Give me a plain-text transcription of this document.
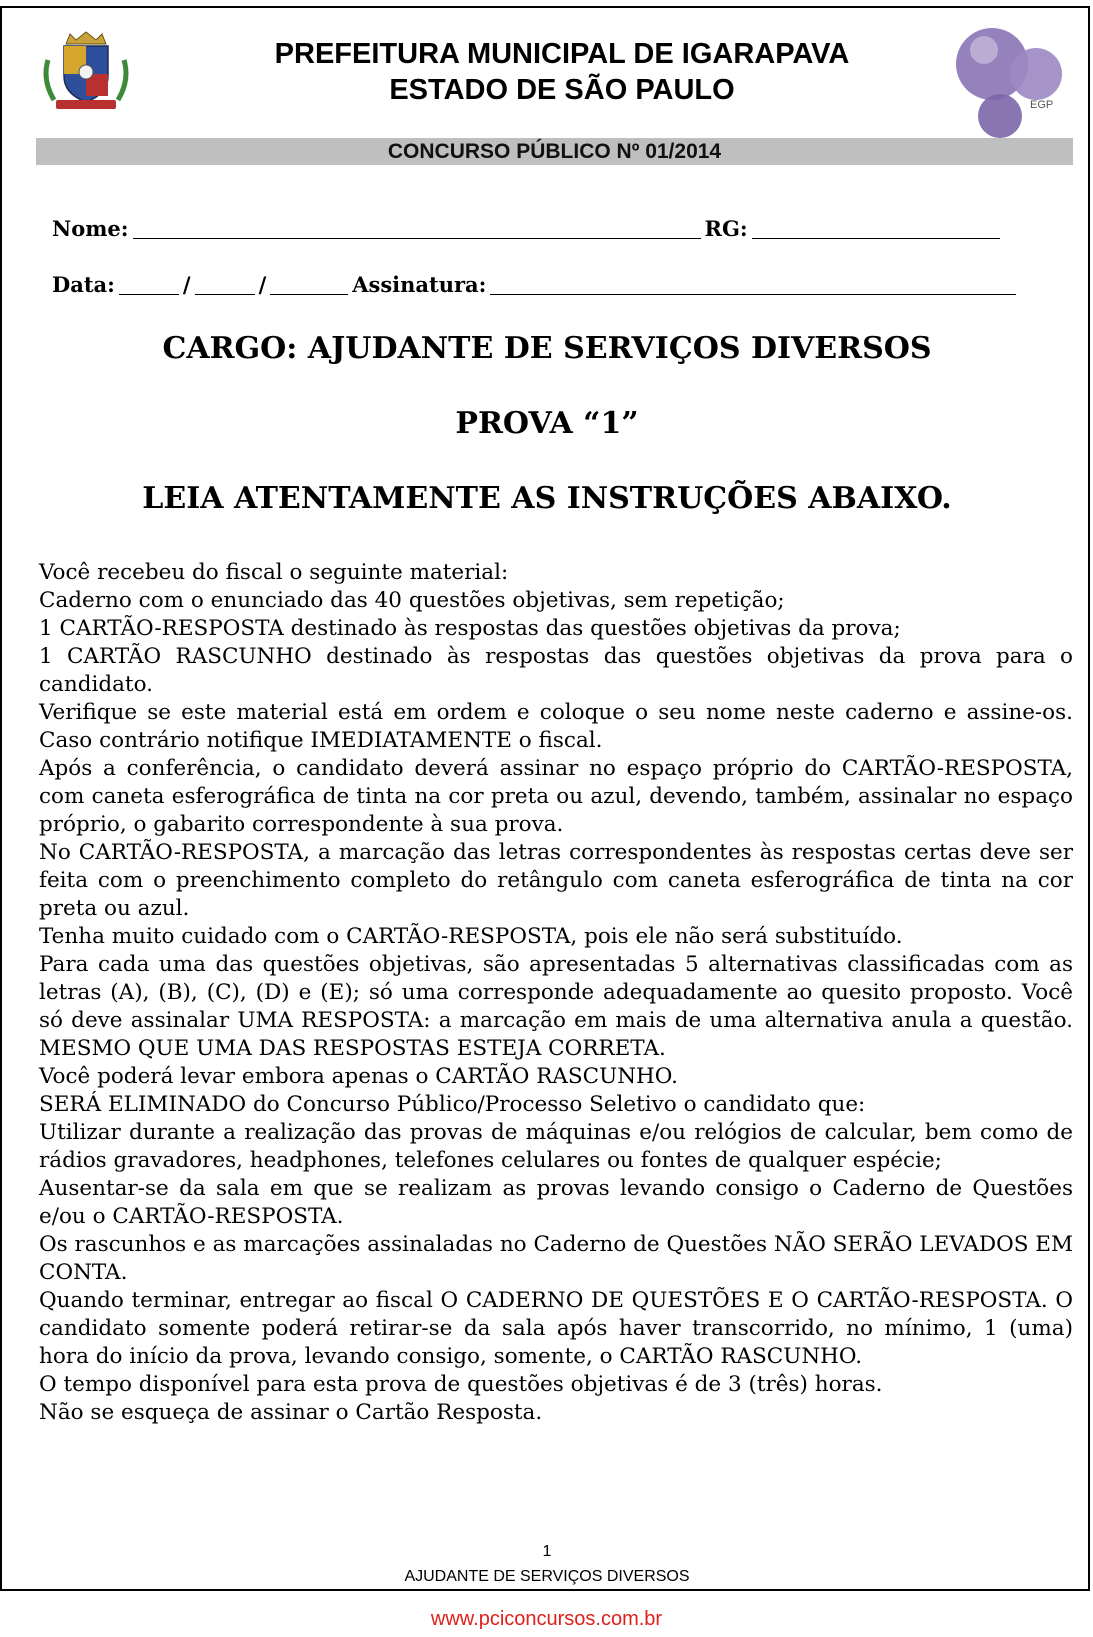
PREFEITURA MUNICIPAL DE IGARAPAVA
ESTADO DE SÃO PAULO	EGP
CONCURSO PÚBLICO Nº 01/2014
Nome:	RG:
Data:	/	/	Assinatura:
CARGO: AJUDANTE DE SERVIÇOS DIVERSOS
PROVA “1”
LEIA ATENTAMENTE AS INSTRUÇÕES ABAIXO.

Você recebeu do fiscal o seguinte material:

Caderno com o enunciado das 40 questões objetivas, sem repetição;

1 CARTÃO-RESPOSTA destinado às respostas das questões objetivas da prova;

1 CARTÃO RASCUNHO destinado às respostas das questões objetivas da prova para o candidato.

Verifique se este material está em ordem e coloque o seu nome neste caderno e assine-os. Caso contrário notifique IMEDIATAMENTE o fiscal.

Após a conferência, o candidato deverá assinar no espaço próprio do CARTÃO-RESPOSTA, com caneta esferográfica de tinta na cor preta ou azul, devendo, também, assinalar no espaço próprio, o gabarito correspondente à sua prova.

No CARTÃO-RESPOSTA, a marcação das letras correspondentes às respostas certas deve ser feita com o preenchimento completo do retângulo com caneta esferográfica de tinta na cor preta ou azul.

Tenha muito cuidado com o CARTÃO-RESPOSTA, pois ele não será substituído.

Para cada uma das questões objetivas, são apresentadas 5 alternativas classificadas com as letras (A), (B), (C), (D) e (E); só uma corresponde adequadamente ao quesito proposto. Você só deve assinalar UMA RESPOSTA: a marcação em mais de uma alternativa anula a questão. MESMO QUE UMA DAS RESPOSTAS ESTEJA CORRETA.

Você poderá levar embora apenas o CARTÃO RASCUNHO.

SERÁ ELIMINADO do Concurso Público/Processo Seletivo o candidato que:

Utilizar durante a realização das provas de máquinas e/ou relógios de calcular, bem como de rádios gravadores, headphones, telefones celulares ou fontes de qualquer espécie;

Ausentar-se da sala em que se realizam as provas levando consigo o Caderno de Questões e/ou o CARTÃO-RESPOSTA.

Os rascunhos e as marcações assinaladas no Caderno de Questões NÃO SERÃO LEVADOS EM CONTA.

Quando terminar, entregar ao fiscal O CADERNO DE QUESTÕES E O CARTÃO-RESPOSTA. O candidato somente poderá retirar-se da sala após haver transcorrido, no mínimo, 1 (uma) hora do início da prova, levando consigo, somente, o CARTÃO RASCUNHO.

O tempo disponível para esta prova de questões objetivas é de 3 (três) horas.

Não se esqueça de assinar o Cartão Resposta.

1
AJUDANTE DE SERVIÇOS DIVERSOS
www.pciconcursos.com.br
